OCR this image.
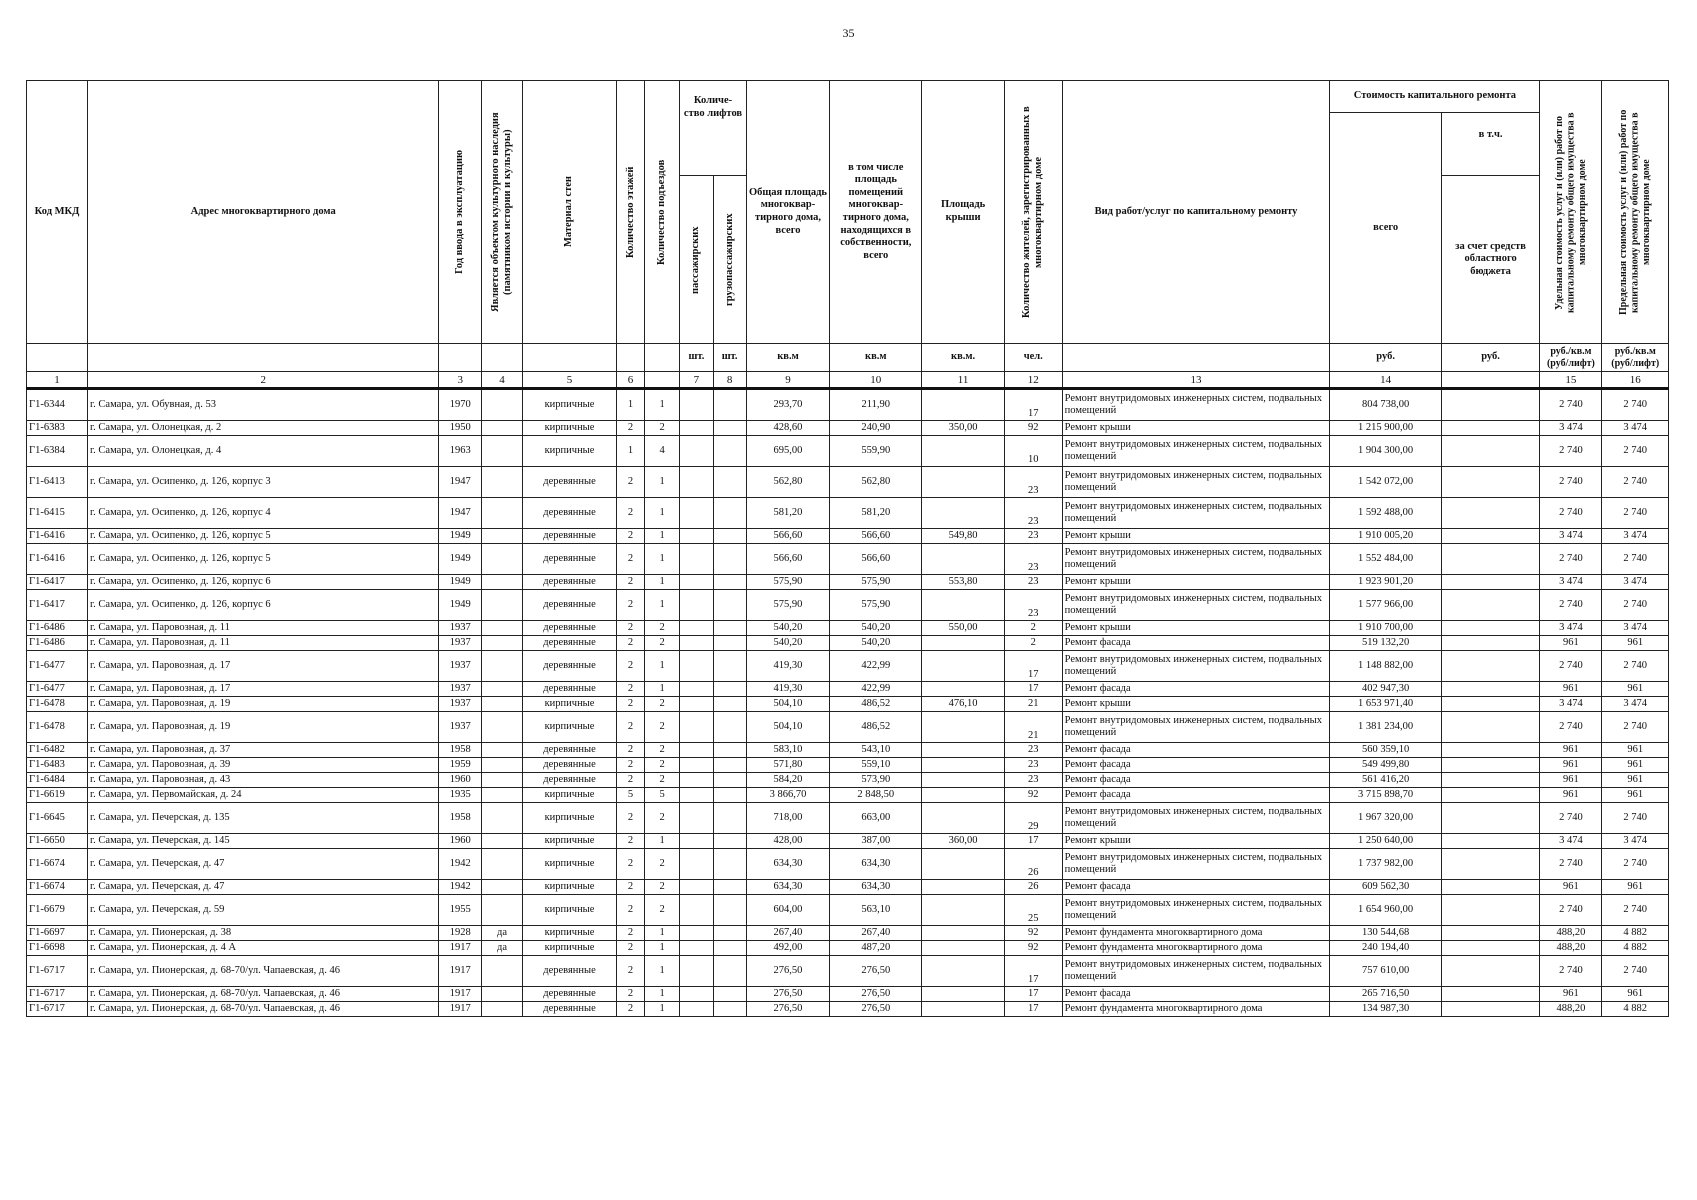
35
Код МКД	Адрес многоквартирного дома	Год ввода в эксплуатацию	Является объектом культурного наследия (памятником истории и культуры)	Материал стен	Количество этажей	Количество подъездов	Количе- ство лифтов		Общая площадь многоквар- тирного дома, всего	в том числе площадь помещений многоквар- тирного дома, находящихся в собственности, всего	Площадь крыши	Количество жителей, зарегистрированных в многоквартирном доме	Вид работ/услуг по капитальному ремонту	Стоимость капитального ремонта		Удельная стоимость услуг и (или) работ по капитальному ремонту общего имущества в многоквартирном доме	Предельная стоимость услуг и (или) работ по капитальному ремонту общего имущества в многоквартирном доме

														всего	в т.ч.		

							пассажирских	грузопассажирских							за счет средств областного бюджета		
							шт.	шт.	кв.м	кв.м	кв.м.	чел.		руб.	руб.	руб./кв.м (руб/лифт)	руб./кв.м (руб/лифт)
1	2	3	4	5	6		7	8	9	10	11	12	13	14		15	16
Г1-6344	г. Самара, ул. Обувная, д. 53	1970		кирпичные	1	1			293,70	211,90		17	Ремонт внутридомовых инженерных систем, подвальных помещений	804 738,00		2 740	2 740
Г1-6383	г. Самара, ул. Олонецкая, д. 2	1950		кирпичные	2	2			428,60	240,90	350,00	92	Ремонт крыши	1 215 900,00		3 474	3 474
Г1-6384	г. Самара, ул. Олонецкая, д. 4	1963		кирпичные	1	4			695,00	559,90		10	Ремонт внутридомовых инженерных систем, подвальных помещений	1 904 300,00		2 740	2 740
Г1-6413	г. Самара, ул. Осипенко, д. 126, корпус 3	1947		деревянные	2	1			562,80	562,80		23	Ремонт внутридомовых инженерных систем, подвальных помещений	1 542 072,00		2 740	2 740
Г1-6415	г. Самара, ул. Осипенко, д. 126, корпус 4	1947		деревянные	2	1			581,20	581,20		23	Ремонт внутридомовых инженерных систем, подвальных помещений	1 592 488,00		2 740	2 740
Г1-6416	г. Самара, ул. Осипенко, д. 126, корпус 5	1949		деревянные	2	1			566,60	566,60	549,80	23	Ремонт крыши	1 910 005,20		3 474	3 474
Г1-6416	г. Самара, ул. Осипенко, д. 126, корпус 5	1949		деревянные	2	1			566,60	566,60		23	Ремонт внутридомовых инженерных систем, подвальных помещений	1 552 484,00		2 740	2 740
Г1-6417	г. Самара, ул. Осипенко, д. 126, корпус 6	1949		деревянные	2	1			575,90	575,90	553,80	23	Ремонт крыши	1 923 901,20		3 474	3 474
Г1-6417	г. Самара, ул. Осипенко, д. 126, корпус 6	1949		деревянные	2	1			575,90	575,90		23	Ремонт внутридомовых инженерных систем, подвальных помещений	1 577 966,00		2 740	2 740
Г1-6486	г. Самара, ул. Паровозная, д. 11	1937		деревянные	2	2			540,20	540,20	550,00	2	Ремонт крыши	1 910 700,00		3 474	3 474
Г1-6486	г. Самара, ул. Паровозная, д. 11	1937		деревянные	2	2			540,20	540,20		2	Ремонт фасада	519 132,20		961	961
Г1-6477	г. Самара, ул. Паровозная, д. 17	1937		деревянные	2	1			419,30	422,99		17	Ремонт внутридомовых инженерных систем, подвальных помещений	1 148 882,00		2 740	2 740
Г1-6477	г. Самара, ул. Паровозная, д. 17	1937		деревянные	2	1			419,30	422,99		17	Ремонт фасада	402 947,30		961	961
Г1-6478	г. Самара, ул. Паровозная, д. 19	1937		кирпичные	2	2			504,10	486,52	476,10	21	Ремонт крыши	1 653 971,40		3 474	3 474
Г1-6478	г. Самара, ул. Паровозная, д. 19	1937		кирпичные	2	2			504,10	486,52		21	Ремонт внутридомовых инженерных систем, подвальных помещений	1 381 234,00		2 740	2 740
Г1-6482	г. Самара, ул. Паровозная, д. 37	1958		деревянные	2	2			583,10	543,10		23	Ремонт фасада	560 359,10		961	961
Г1-6483	г. Самара, ул. Паровозная, д. 39	1959		деревянные	2	2			571,80	559,10		23	Ремонт фасада	549 499,80		961	961
Г1-6484	г. Самара, ул. Паровозная, д. 43	1960		деревянные	2	2			584,20	573,90		23	Ремонт фасада	561 416,20		961	961
Г1-6619	г. Самара, ул. Первомайская, д. 24	1935		кирпичные	5	5			3 866,70	2 848,50		92	Ремонт фасада	3 715 898,70		961	961
Г1-6645	г. Самара, ул. Печерская, д. 135	1958		кирпичные	2	2			718,00	663,00		29	Ремонт внутридомовых инженерных систем, подвальных помещений	1 967 320,00		2 740	2 740
Г1-6650	г. Самара, ул. Печерская, д. 145	1960		кирпичные	2	1			428,00	387,00	360,00	17	Ремонт крыши	1 250 640,00		3 474	3 474
Г1-6674	г. Самара, ул. Печерская, д. 47	1942		кирпичные	2	2			634,30	634,30		26	Ремонт внутридомовых инженерных систем, подвальных помещений	1 737 982,00		2 740	2 740
Г1-6674	г. Самара, ул. Печерская, д. 47	1942		кирпичные	2	2			634,30	634,30		26	Ремонт фасада	609 562,30		961	961
Г1-6679	г. Самара, ул. Печерская, д. 59	1955		кирпичные	2	2			604,00	563,10		25	Ремонт внутридомовых инженерных систем, подвальных помещений	1 654 960,00		2 740	2 740
Г1-6697	г. Самара, ул. Пионерская, д. 38	1928	да	кирпичные	2	1			267,40	267,40		92	Ремонт фундамента многоквартирного дома	130 544,68		488,20	4 882
Г1-6698	г. Самара, ул. Пионерская, д. 4 А	1917	да	кирпичные	2	1			492,00	487,20		92	Ремонт фундамента многоквартирного дома	240 194,40		488,20	4 882
Г1-6717	г. Самара, ул. Пионерская, д. 68-70/ул. Чапаевская, д. 46	1917		деревянные	2	1			276,50	276,50		17	Ремонт внутридомовых инженерных систем, подвальных помещений	757 610,00		2 740	2 740
Г1-6717	г. Самара, ул. Пионерская, д. 68-70/ул. Чапаевская, д. 46	1917		деревянные	2	1			276,50	276,50		17	Ремонт фасада	265 716,50		961	961
Г1-6717	г. Самара, ул. Пионерская, д. 68-70/ул. Чапаевская, д. 46	1917		деревянные	2	1			276,50	276,50		17	Ремонт фундамента многоквартирного дома	134 987,30		488,20	4 882
